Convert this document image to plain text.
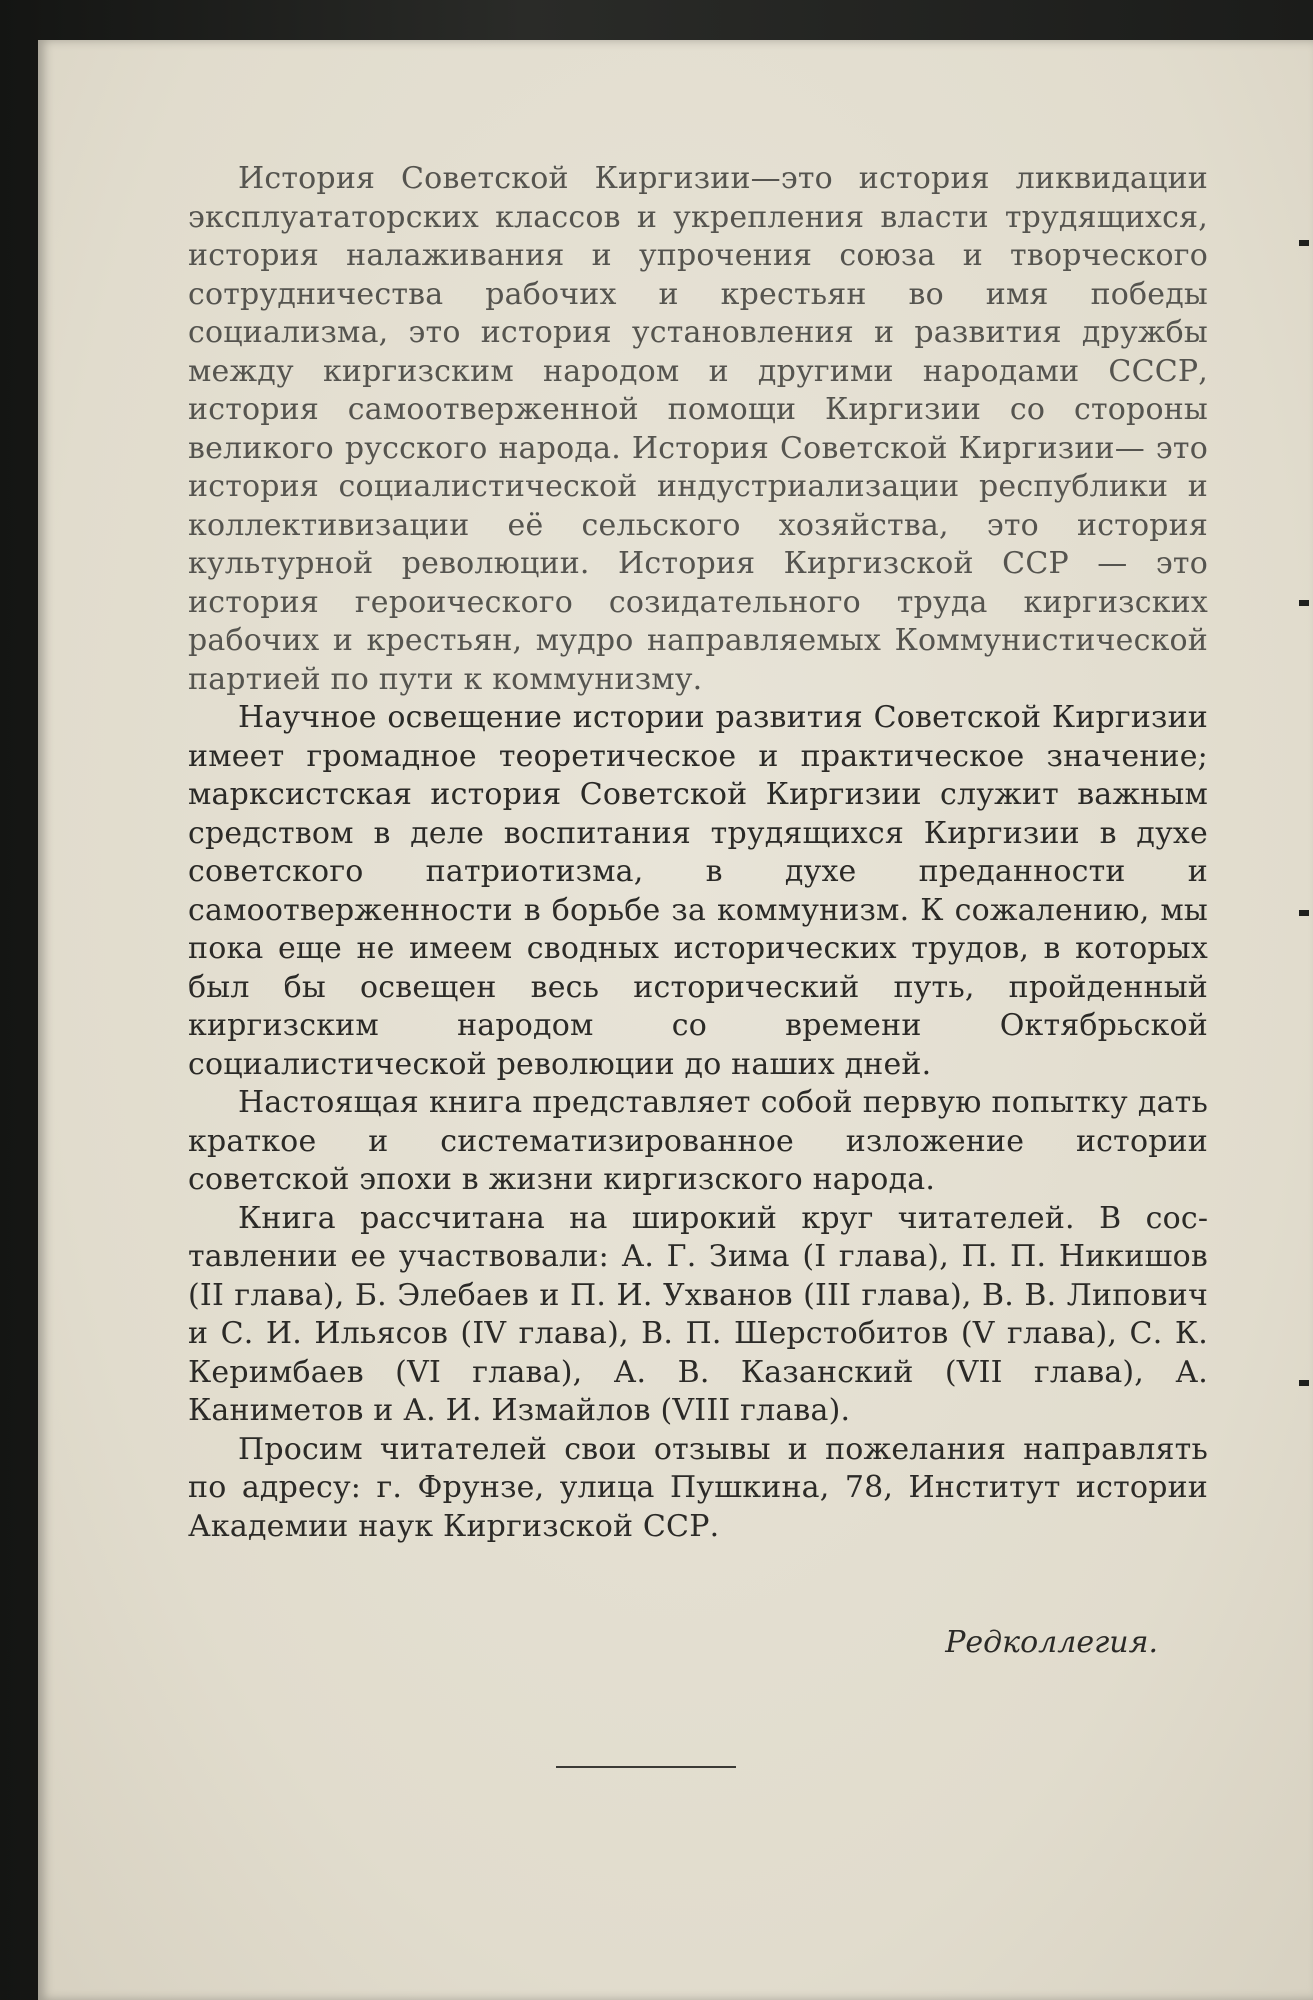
История Советской Киргизии—это история ликвидации эксплуататорских классов и укрепления власти трудящихся, история налаживания и упрочения союза и творческого сотрудничества рабочих и крестьян во имя победы социализма, это история установления и развития дружбы между киргизским народом и другими народами СССР, история самоотверженной помощи Киргизии со стороны великого русского народа. История Советской Киргизии— это история социалистической индустриализации республики и коллективизации её сельского хозяйства, это история культурной революции. История Киргизской ССР — это история героического созидательного труда киргизских рабочих и крестьян, мудро направляемых Коммунистической партией по пути к коммунизму.

Научное освещение истории развития Советской Киргизии имеет громадное теоретическое и практическое значение; марксистская история Советской Киргизии служит важным средством в деле воспитания трудящихся Киргизии в духе советского патриотизма, в духе преданности и самоотверженности в борьбе за коммунизм. К сожалению, мы пока еще не имеем сводных исторических трудов, в которых был бы освещен весь исторический путь, пройденный киргизским народом со времени Октябрьской социалистической революции до наших дней.

Настоящая книга представляет собой первую попытку дать краткое и систематизированное изложение истории советской эпохи в жизни киргизского народа.

Книга рассчитана на широкий круг читателей. В составлении ее участвовали: А. Г. Зима (I глава), П. П. Никишов (II глава), Б. Элебаев и П. И. Ухванов (III глава), В. В. Липович и С. И. Ильясов (IV глава), В. П. Шерстобитов (V глава), С. К. Керимбаев (VI глава), А. В. Казанский (VII глава), А. Каниметов и А. И. Измайлов (VIII глава).

Просим читателей свои отзывы и пожелания направлять по адресу: г. Фрунзе, улица Пушкина, 78, Институт истории Академии наук Киргизской ССР.

Редколлегия.
